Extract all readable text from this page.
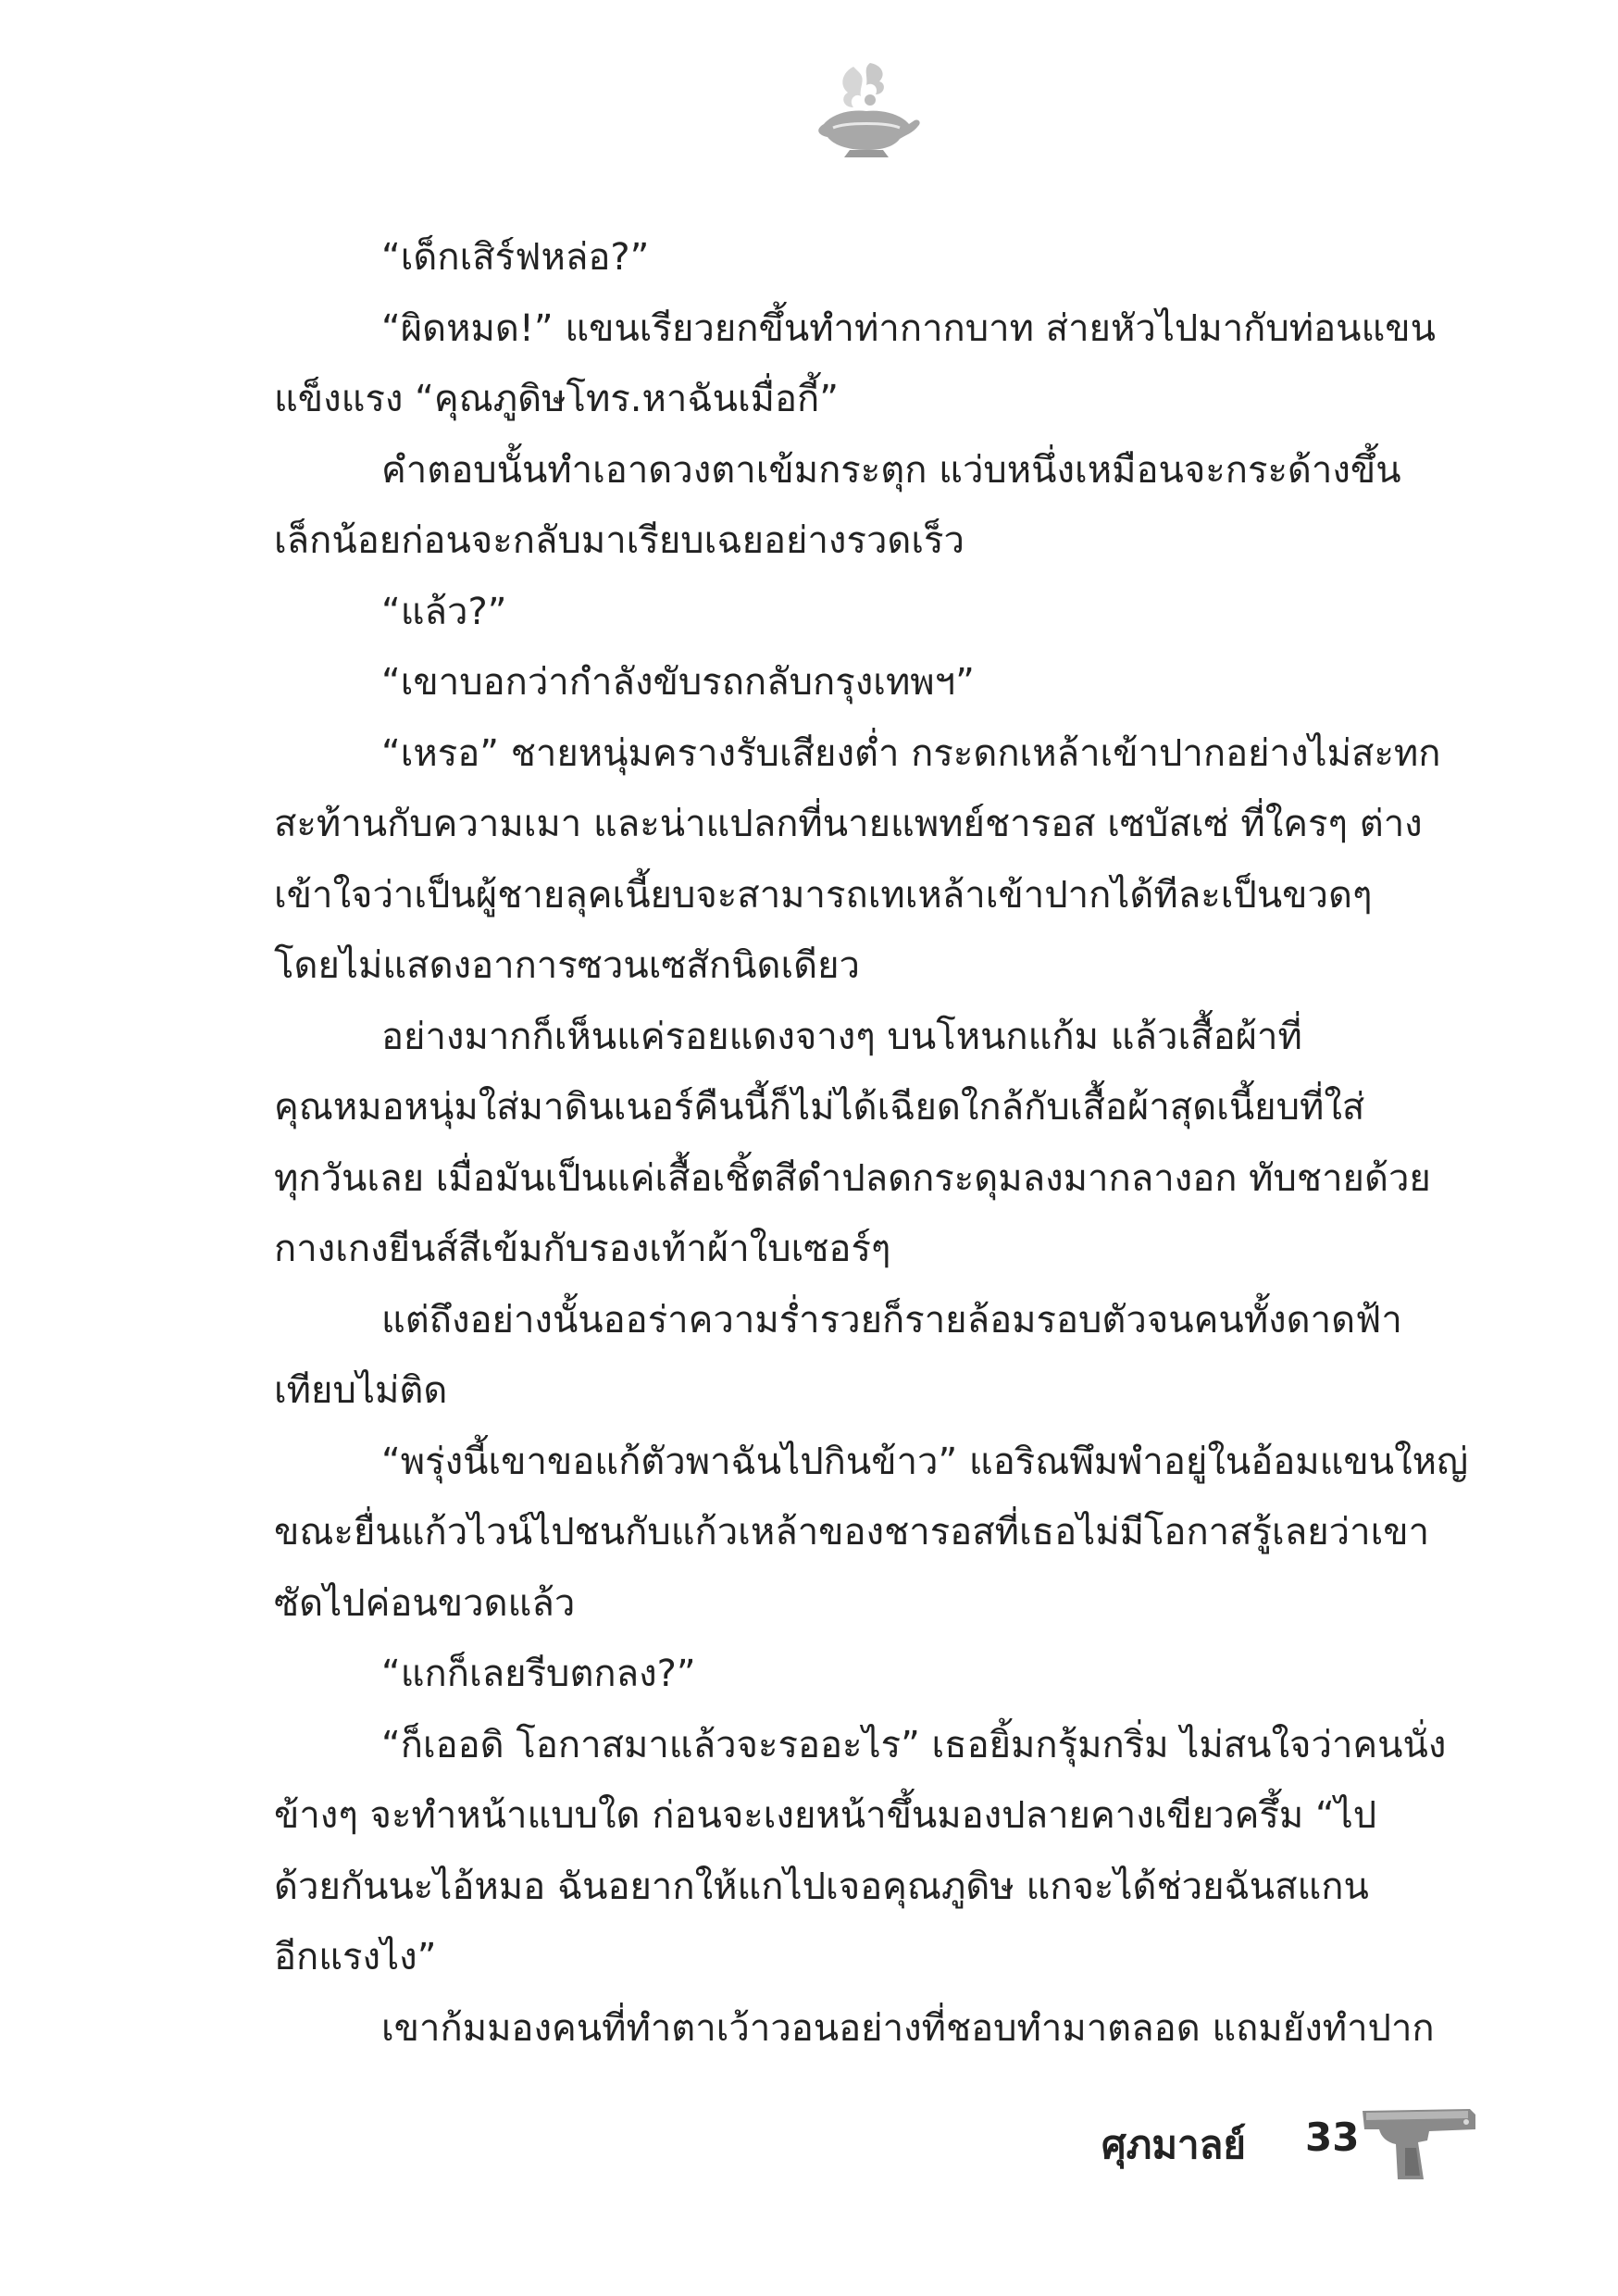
“เด็กเสิร์ฟหล่อ?”
“ผิดหมด!” แขนเรียวยกขึ้นทำท่ากากบาท ส่ายหัวไปมากับท่อนแขน
แข็งแรง “คุณภูดิษโทร.หาฉันเมื่อกี้”
คำตอบนั้นทำเอาดวงตาเข้มกระตุก แว่บหนึ่งเหมือนจะกระด้างขึ้น
เล็กน้อยก่อนจะกลับมาเรียบเฉยอย่างรวดเร็ว
“แล้ว?”
“เขาบอกว่ากำลังขับรถกลับกรุงเทพฯ”
“เหรอ” ชายหนุ่มครางรับเสียงต่ำ กระดกเหล้าเข้าปากอย่างไม่สะทก
สะท้านกับความเมา และน่าแปลกที่นายแพทย์ชารอส เซบัสเซ่ ที่ใครๆ ต่าง
เข้าใจว่าเป็นผู้ชายลุคเนี้ยบจะสามารถเทเหล้าเข้าปากได้ทีละเป็นขวดๆ
โดยไม่แสดงอาการซวนเซสักนิดเดียว
อย่างมากก็เห็นแค่รอยแดงจางๆ บนโหนกแก้ม แล้วเสื้อผ้าที่
คุณหมอหนุ่มใส่มาดินเนอร์คืนนี้ก็ไม่ได้เฉียดใกล้กับเสื้อผ้าสุดเนี้ยบที่ใส่
ทุกวันเลย เมื่อมันเป็นแค่เสื้อเชิ้ตสีดำปลดกระดุมลงมากลางอก ทับชายด้วย
กางเกงยีนส์สีเข้มกับรองเท้าผ้าใบเซอร์ๆ
แต่ถึงอย่างนั้นออร่าความร่ำรวยก็รายล้อมรอบตัวจนคนทั้งดาดฟ้า
เทียบไม่ติด
“พรุ่งนี้เขาขอแก้ตัวพาฉันไปกินข้าว” แอริณพึมพำอยู่ในอ้อมแขนใหญ่
ขณะยื่นแก้วไวน์ไปชนกับแก้วเหล้าของชารอสที่เธอไม่มีโอกาสรู้เลยว่าเขา
ซัดไปค่อนขวดแล้ว
“แกก็เลยรีบตกลง?”
“ก็เออดิ โอกาสมาแล้วจะรออะไร” เธอยิ้มกรุ้มกริ่ม ไม่สนใจว่าคนนั่ง
ข้างๆ จะทำหน้าแบบใด ก่อนจะเงยหน้าขึ้นมองปลายคางเขียวครึ้ม “ไป
ด้วยกันนะไอ้หมอ ฉันอยากให้แกไปเจอคุณภูดิษ แกจะได้ช่วยฉันสแกน
อีกแรงไง”
เขาก้มมองคนที่ทำตาเว้าวอนอย่างที่ชอบทำมาตลอด แถมยังทำปาก
ศุภมาลย์ 33
